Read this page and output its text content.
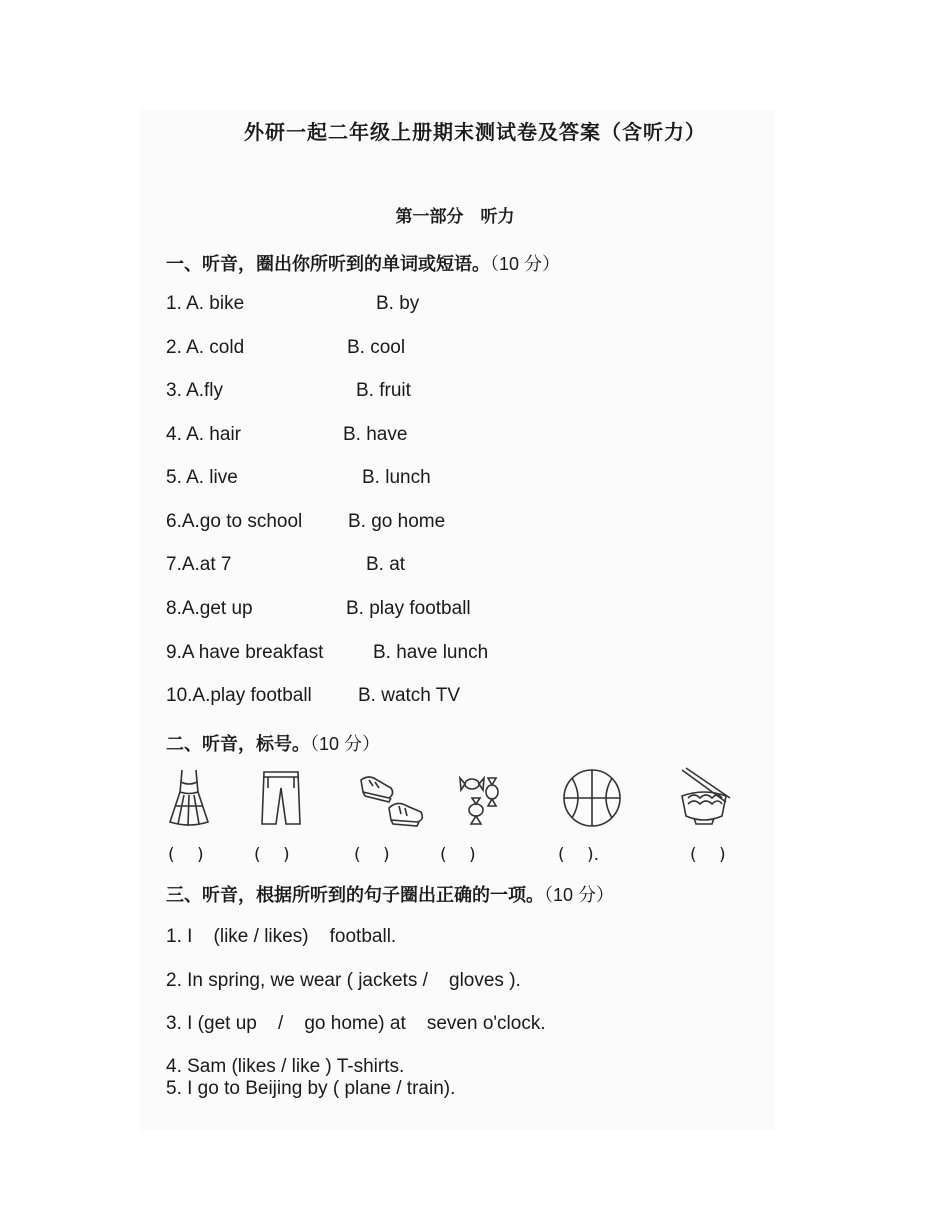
外研一起二年级上册期末测试卷及答案（含听力）
第一部分　听力
一、听音，圈出你所听到的单词或短语。（10 分）
1. A. bike	B. by
2. A. cold	B. cool
3. A.fly	B. fruit
4. A. hair	B. have
5. A. live	B. lunch
6.A.go to school B. go home
7.A.at 7	B. at
8.A.get up	B. play football
9.A have breakfast	B. have lunch
10.A.play football B. watch TV
二、听音，标号。（10 分）
(　 )	(　 )	(　 )	(　 )	(　 ).	(　 )
三、听音，根据所听到的句子圈出正确的一项。（10 分）
1. I    (like / likes)    football.
2. In spring, we wear ( jackets /    gloves ).
3. I (get up    /    go home) at    seven o'clock.
4. Sam (likes / like ) T-shirts.
5. I go to Beijing by ( plane / train).
